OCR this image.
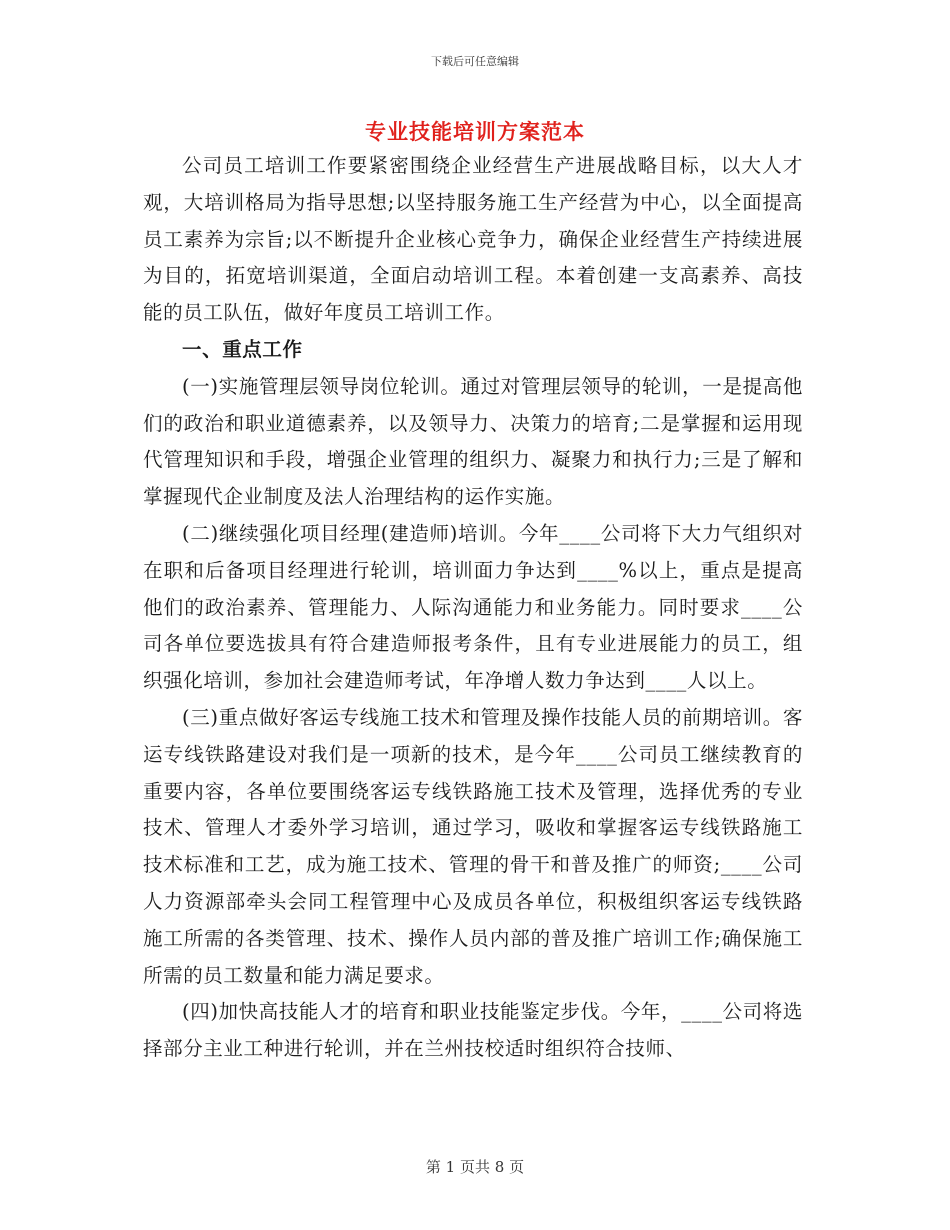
下载后可任意编辑
专业技能培训方案范本

公司员工培训工作要紧密围绕企业经营生产进展战略目标，以大人才观，大培训格局为指导思想;以坚持服务施工生产经营为中心，以全面提高员工素养为宗旨;以不断提升企业核心竞争力，确保企业经营生产持续进展为目的，拓宽培训渠道，全面启动培训工程。本着创建一支高素养、高技能的员工队伍，做好年度员工培训工作。

一、重点工作

(一)实施管理层领导岗位轮训。通过对管理层领导的轮训，一是提高他们的政治和职业道德素养，以及领导力、决策力的培育;二是掌握和运用现代管理知识和手段，增强企业管理的组织力、凝聚力和执行力;三是了解和掌握现代企业制度及法人治理结构的运作实施。

(二)继续强化项目经理(建造师)培训。今年____公司将下大力气组织对在职和后备项目经理进行轮训，培训面力争达到____%以上，重点是提高他们的政治素养、管理能力、人际沟通能力和业务能力。同时要求____公司各单位要选拔具有符合建造师报考条件，且有专业进展能力的员工，组织强化培训，参加社会建造师考试，年净增人数力争达到____人以上。

(三)重点做好客运专线施工技术和管理及操作技能人员的前期培训。客运专线铁路建设对我们是一项新的技术，是今年____公司员工继续教育的重要内容，各单位要围绕客运专线铁路施工技术及管理，选择优秀的专业技术、管理人才委外学习培训，通过学习，吸收和掌握客运专线铁路施工技术标准和工艺，成为施工技术、管理的骨干和普及推广的师资;____公司人力资源部牵头会同工程管理中心及成员各单位，积极组织客运专线铁路施工所需的各类管理、技术、操作人员内部的普及推广培训工作;确保施工所需的员工数量和能力满足要求。

(四)加快高技能人才的培育和职业技能鉴定步伐。今年，____公司将选择部分主业工种进行轮训，并在兰州技校适时组织符合技师、

第 1 页共 8 页
